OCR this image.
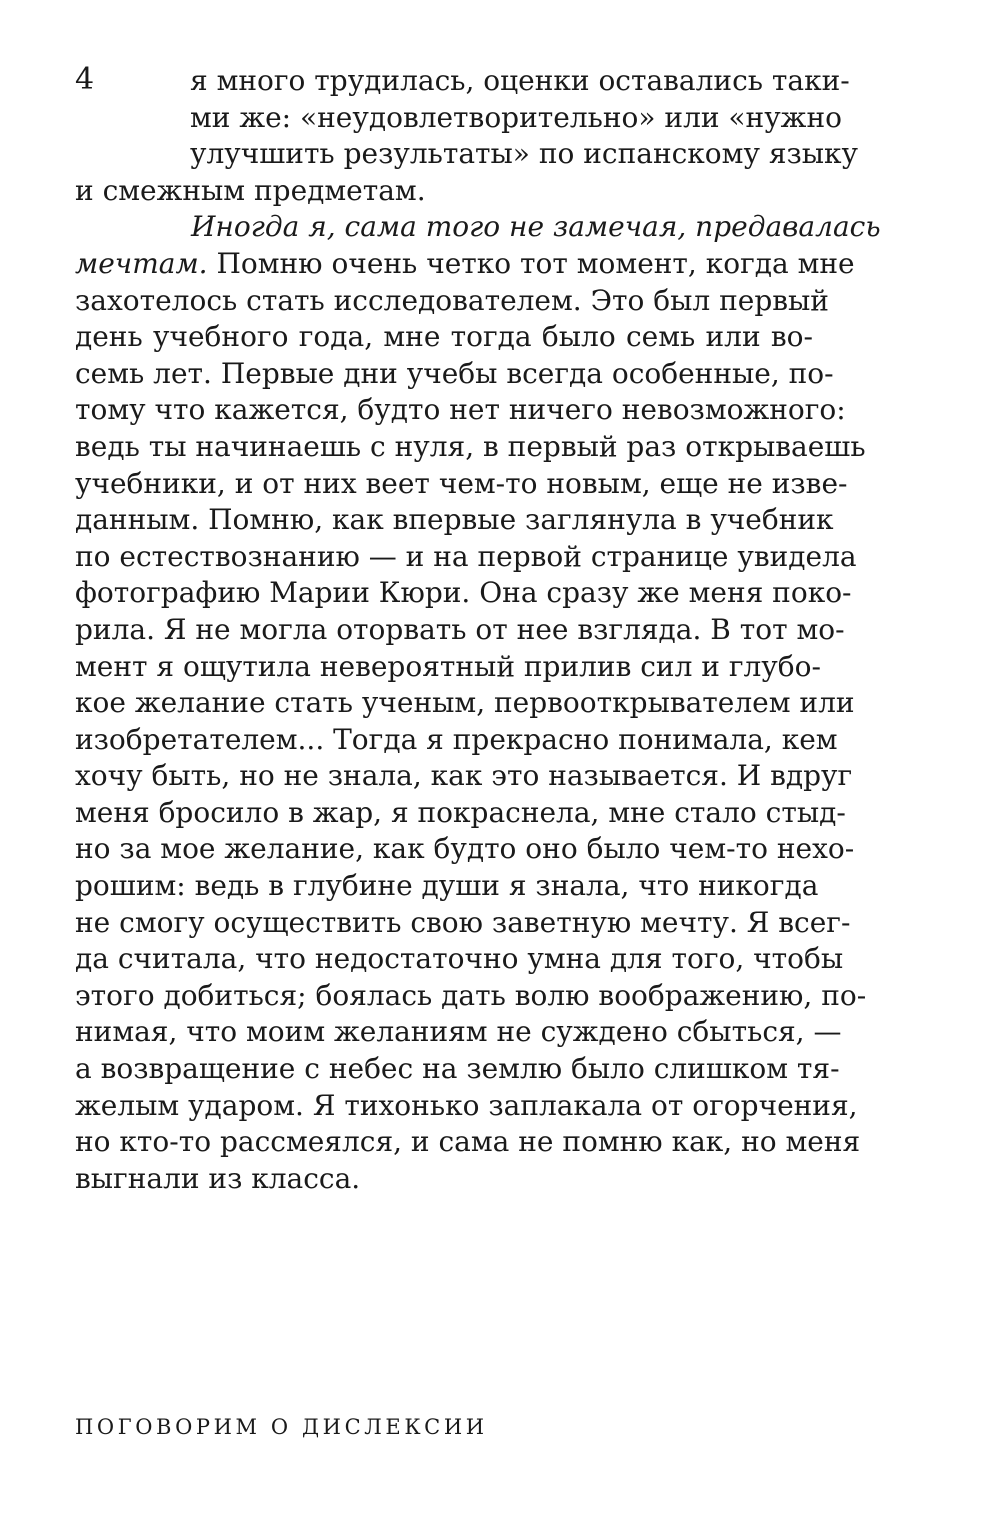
4	я много трудилась, оценки оставались таки-
ми же: «неудовлетворительно» или «нужно
улучшить результаты» по испанскому языку
и смежным предметам.
Иногда я, сама того не замечая, предавалась
мечтам. Помню очень четко тот момент, когда мне
захотелось стать исследователем. Это был первый
день учебного года, мне тогда было семь или во-
семь лет. Первые дни учебы всегда особенные, по-
тому что кажется, будто нет ничего невозможного:
ведь ты начинаешь с нуля, в первый раз открываешь
учебники, и от них веет чем-то новым, еще не изве-
данным. Помню, как впервые заглянула в учебник
по естествознанию — и на первой странице увидела
фотографию Марии Кюри. Она сразу же меня поко-
рила. Я не могла оторвать от нее взгляда. В тот мо-
мент я ощутила невероятный прилив сил и глубо-
кое желание стать ученым, первооткрывателем или
изобретателем... Тогда я прекрасно понимала, кем
хочу быть, но не знала, как это называется. И вдруг
меня бросило в жар, я покраснела, мне стало стыд-
но за мое желание, как будто оно было чем-то нехо-
рошим: ведь в глубине души я знала, что никогда
не смогу осуществить свою заветную мечту. Я всег-
да считала, что недостаточно умна для того, чтобы
этого добиться; боялась дать волю воображению, по-
нимая, что моим желаниям не суждено сбыться, —
а возвращение с небес на землю было слишком тя-
желым ударом. Я тихонько заплакала от огорчения,
но кто-то рассмеялся, и сама не помню как, но меня
выгнали из класса.
ПОГОВОРИМ О ДИСЛЕКСИИ
